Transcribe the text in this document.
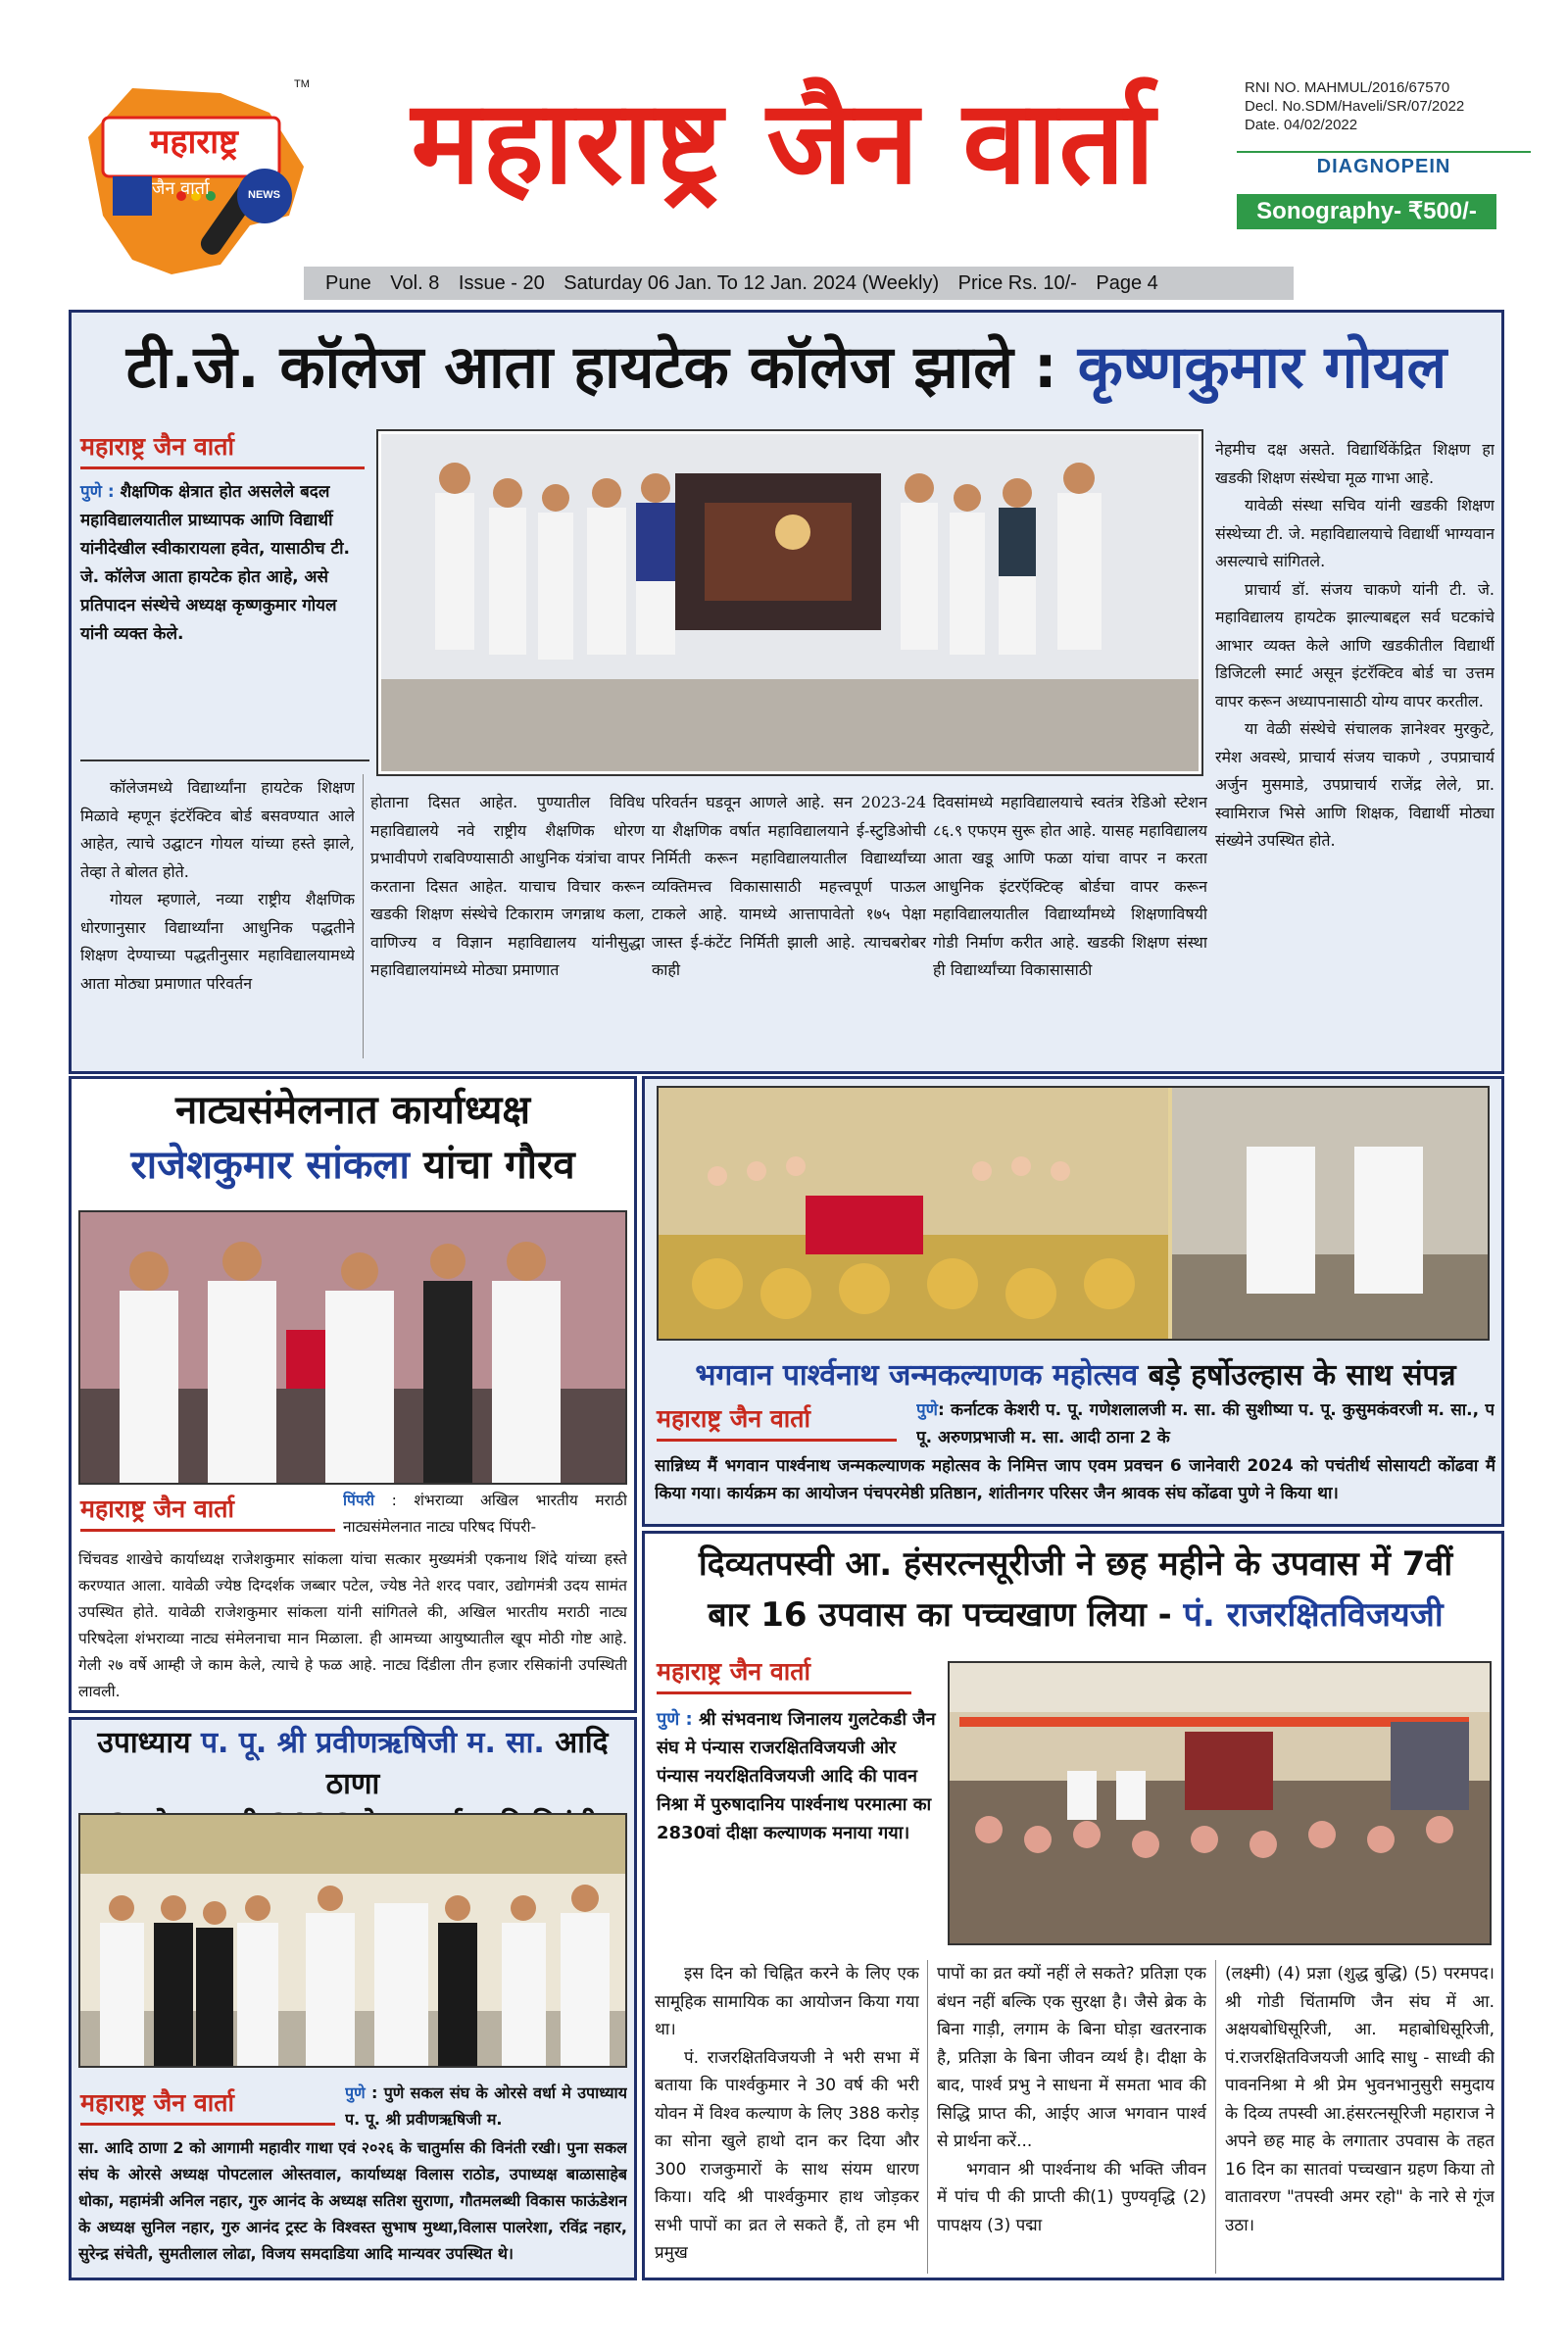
महाराष्ट्र
जैन वार्ता
TM
NEWS महाराष्ट्र जैन वार्ता	RNI NO. MAHMUL/2016/67570
Decl. No.SDM/Haveli/SR/07/2022
Date. 04/02/2022
DIAGNOPEIN
Sonography- ₹500/-
Pune Vol. 8 Issue - 20 Saturday 06 Jan. To 12 Jan. 2024 (Weekly) Price Rs. 10/- Page 4
टी.जे. कॉलेज आता हायटेक कॉलेज झाले : कृष्णकुमार गोयल
महाराष्ट्र जैन वार्ता
पुणे : शैक्षणिक क्षेत्रात होत असलेले बदल महाविद्यालयातील प्राध्यापक आणि विद्यार्थी यांनीदेखील स्वीकारायला हवेत, यासाठीच टी. जे. कॉलेज आता हायटेक होत आहे, असे प्रतिपादन संस्थेचे अध्यक्ष कृष्णकुमार गोयल यांनी व्यक्त केले.

कॉलेजमध्ये विद्यार्थ्यांना हायटेक शिक्षण मिळावे म्हणून इंटरॅक्टिव बोर्ड बसवण्यात आले आहेत, त्याचे उद्घाटन गोयल यांच्या हस्ते झाले, तेव्हा ते बोलत होते.

गोयल म्हणाले, नव्या राष्ट्रीय शैक्षणिक धोरणानुसार विद्यार्थ्यांना आधुनिक पद्धतीने शिक्षण देण्याच्या पद्धतीनुसार महाविद्यालयामध्ये आता मोठ्या प्रमाणात परिवर्तन

होताना दिसत आहेत. पुण्यातील विविध महाविद्यालये नवे राष्ट्रीय शैक्षणिक धोरण प्रभावीपणे राबविण्यासाठी आधुनिक यंत्रांचा वापर करताना दिसत आहेत. याचाच विचार करून खडकी शिक्षण संस्थेचे टिकाराम जगन्नाथ कला, वाणिज्य व विज्ञान महाविद्यालय यांनीसुद्धा महाविद्यालयांमध्ये मोठ्या प्रमाणात

परिवर्तन घडवून आणले आहे. सन 2023-24 या शैक्षणिक वर्षात महाविद्यालयाने ई-स्टुडिओची निर्मिती करून महाविद्यालयातील विद्यार्थ्यांच्या व्यक्तिमत्त्व विकासासाठी महत्त्वपूर्ण पाऊल टाकले आहे. यामध्ये आत्तापावेतो १७५ पेक्षा जास्त ई-कंटेंट निर्मिती झाली आहे. त्याचबरोबर काही

दिवसांमध्ये महाविद्यालयाचे स्वतंत्र रेडिओ स्टेशन ८६.९ एफएम सुरू होत आहे. यासह महाविद्यालय आता खडू आणि फळा यांचा वापर न करता आधुनिक इंटरऍक्टिव्ह बोर्डचा वापर करून महाविद्यालयातील विद्यार्थ्यांमध्ये शिक्षणाविषयी गोडी निर्माण करीत आहे. खडकी शिक्षण संस्था ही विद्यार्थ्यांच्या विकासासाठी

नेहमीच दक्ष असते. विद्यार्थिकेंद्रित शिक्षण हा खडकी शिक्षण संस्थेचा मूळ गाभा आहे.

यावेळी संस्था सचिव यांनी खडकी शिक्षण संस्थेच्या टी. जे. महाविद्यालयाचे विद्यार्थी भाग्यवान असल्याचे सांगितले.

प्राचार्य डॉ. संजय चाकणे यांनी टी. जे. महाविद्यालय हायटेक झाल्याबद्दल सर्व घटकांचे आभार व्यक्त केले आणि खडकीतील विद्यार्थी डिजिटली स्मार्ट असून इंटरॅक्टिव बोर्ड चा उत्तम वापर करून अध्यापनासाठी योग्य वापर करतील.

या वेळी संस्थेचे संचालक ज्ञानेश्वर मुरकुटे, रमेश अवस्थे, प्राचार्य संजय चाकणे , उपप्राचार्य अर्जुन मुसमाडे, उपप्राचार्य राजेंद्र लेले, प्रा. स्वामिराज भिसे आणि शिक्षक, विद्यार्थी मोठ्या संख्येने उपस्थित होते.

नाट्यसंमेलनात कार्याध्यक्ष
राजेशकुमार सांकला यांचा गौरव
महाराष्ट्र जैन वार्ता	पिंपरी : शंभराव्या अखिल भारतीय मराठी नाट्यसंमेलनात नाट्य परिषद पिंपरी-
चिंचवड शाखेचे कार्याध्यक्ष राजेशकुमार सांकला यांचा सत्कार मुख्यमंत्री एकनाथ शिंदे यांच्या हस्ते करण्यात आला. यावेळी ज्येष्ठ दिग्दर्शक जब्बार पटेल, ज्येष्ठ नेते शरद पवार, उद्योगमंत्री उदय सामंत उपस्थित होते. यावेळी राजेशकुमार सांकला यांनी सांगितले की, अखिल भारतीय मराठी नाट्य परिषदेला शंभराव्या नाट्य संमेलनाचा मान मिळाला. ही आमच्या आयुष्यातील खूप मोठी गोष्ट आहे. गेली २७ वर्षे आम्ही जे काम केले, त्याचे हे फळ आहे. नाट्य दिंडीला तीन हजार रसिकांनी उपस्थिती लावली.
भगवान पार्श्वनाथ जन्मकल्याणक महोत्सव बड़े हर्षोउल्हास के साथ संपन्न
महाराष्ट्र जैन वार्ता	पुणे: कर्नाटक केशरी प. पू. गणेशलालजी म. सा. की सुशीष्या प. पू. कुसुमकंवरजी म. सा., प पू. अरुणप्रभाजी म. सा. आदी ठाना 2 के
सान्निध्य मैं भगवान पार्श्वनाथ जन्मकल्याणक महोत्सव के निमित्त जाप एवम प्रवचन 6 जानेवारी 2024 को पचंतीर्थ सोसायटी कोंढवा मैं किया गया। कार्यक्रम का आयोजन पंचपरमेष्ठी प्रतिष्ठान, शांतीनगर परिसर जैन श्रावक संघ कोंढवा पुणे ने किया था।
उपाध्याय प. पू. श्री प्रवीणऋषिजी म. सा. आदि ठाणा
महाराष्ट्र जैन वार्ता	पुणे : पुणे सकल संघ के ओरसे वर्धा मे उपाध्याय प. पू. श्री प्रवीणऋषिजी म.
सा. आदि ठाणा 2 को आगामी महावीर गाथा एवं २०२६ के चातुर्मास की विनंती रखी। पुना सकल संघ के ओरसे अध्यक्ष पोपटलाल ओस्तवाल, कार्याध्यक्ष विलास राठोड, उपाध्यक्ष बाळासाहेब धोका, महामंत्री अनिल नहार, गुरु आनंद के अध्यक्ष सतिश सुराणा, गौतमलब्धी विकास फाऊंडेशन के अध्यक्ष सुनिल नहार, गुरु आनंद ट्रस्ट के विश्वस्त सुभाष मुथ्था,विलास पालरेशा, रविंद्र नहार, सुरेन्द्र संचेती, सुमतीलाल लोढा, विजय समदाडिया आदि मान्यवर उपस्थित थे।
दिव्यतपस्वी आ. हंसरत्नसूरीजी ने छह महीने के उपवास में 7वीं
बार 16 उपवास का पच्चखाण लिया - पं. राजरक्षितविजयजी
महाराष्ट्र जैन वार्ता
पुणे : श्री संभवनाथ जिनालय गुलटेकडी जैन संघ मे पंन्यास राजरक्षितविजयजी ओर पंन्यास नयरक्षितविजयजी आदि की पावन निश्रा में पुरुषादानिय पार्श्वनाथ परमात्मा का 2830वां दीक्षा कल्याणक मनाया गया।

इस दिन को चिह्नित करने के लिए एक सामूहिक सामायिक का आयोजन किया गया था।

पं. राजरक्षितविजयजी ने भरी सभा में बताया कि पार्श्वकुमार ने 30 वर्ष की भरी योवन में विश्व कल्याण के लिए 388 करोड़ का सोना खुले हाथो दान कर दिया और 300 राजकुमारों के साथ संयम धारण किया। यदि श्री पार्श्वकुमार हाथ जोड़कर सभी पापों का व्रत ले सकते हैं, तो हम भी प्रमुख

पापों का व्रत क्यों नहीं ले सकते? प्रतिज्ञा एक बंधन नहीं बल्कि एक सुरक्षा है। जैसे ब्रेक के बिना गाड़ी, लगाम के बिना घोड़ा खतरनाक है, प्रतिज्ञा के बिना जीवन व्यर्थ है। दीक्षा के बाद, पार्श्व प्रभु ने साधना में समता भाव की सिद्धि प्राप्त की, आईए आज भगवान पार्श्व से प्रार्थना करें...

भगवान श्री पार्श्वनाथ की भक्ति जीवन में पांच पी की प्राप्ती की(1) पुण्यवृद्धि (2) पापक्षय (3) पद्मा

(लक्ष्मी) (4) प्रज्ञा (शुद्ध बुद्धि) (5) परमपद। श्री गोडी चिंतामणि जैन संघ में आ. अक्षयबोधिसूरिजी, आ. महाबोधिसूरिजी, पं.राजरक्षितविजयजी आदि साधु - साध्वी की पावननिश्रा मे श्री प्रेम भुवनभानुसुरी समुदाय के दिव्य तपस्वी आ.हंसरत्नसूरिजी महाराज ने अपने छह माह के लगातार उपवास के तहत 16 दिन का सातवां पच्चखान ग्रहण किया तो वातावरण "तपस्वी अमर रहो" के नारे से गूंज उठा।
